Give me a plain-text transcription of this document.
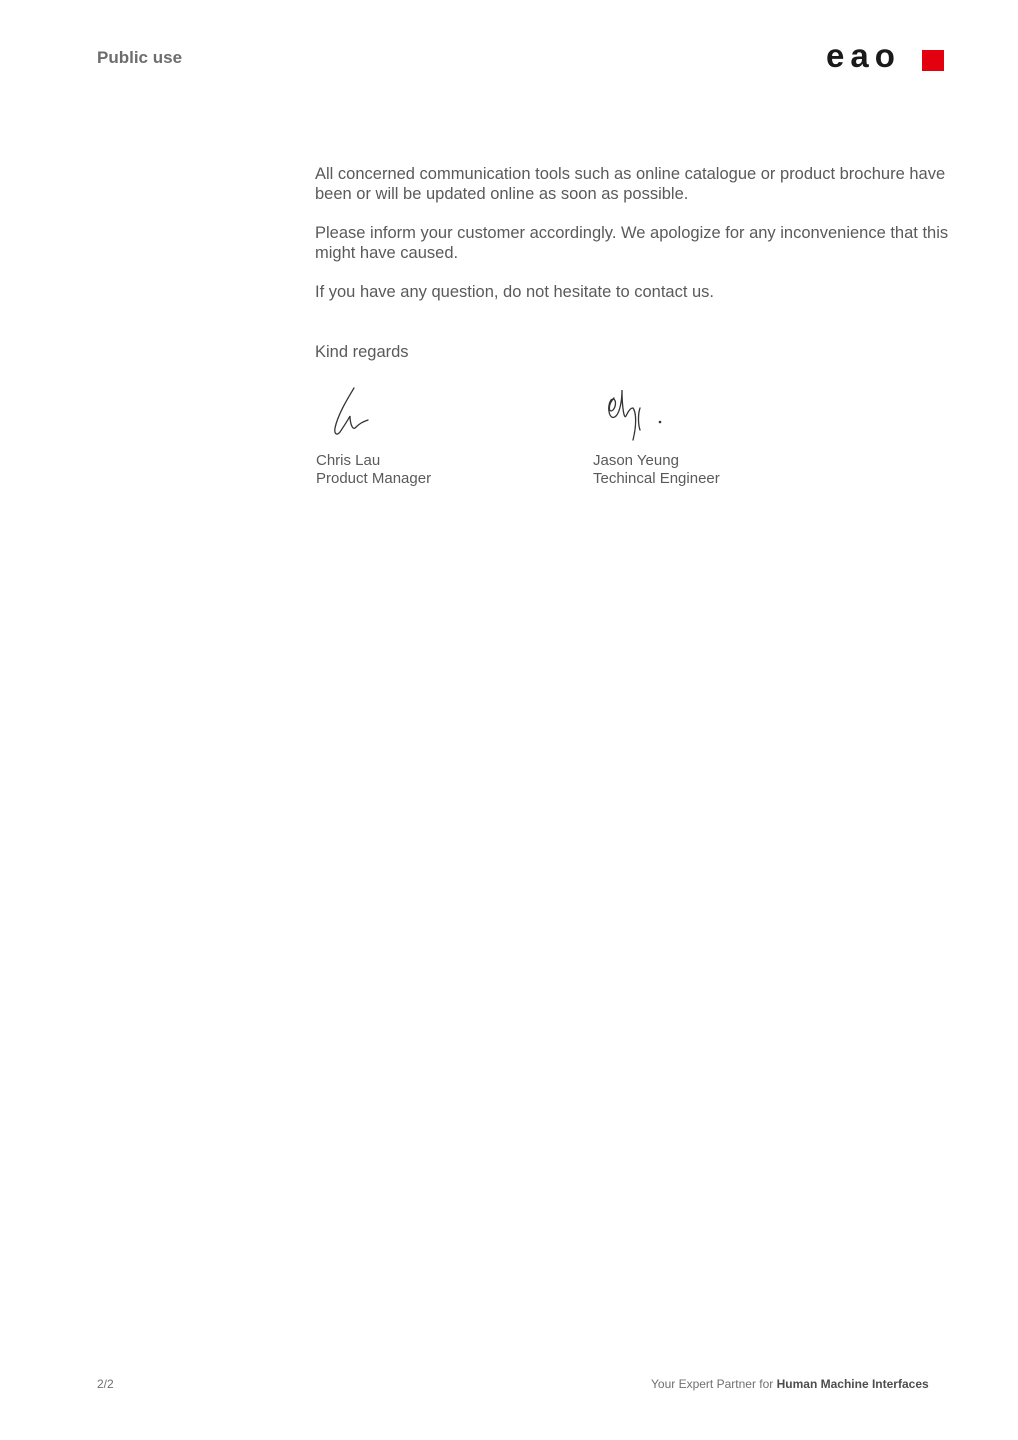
Public use	eao

All concerned communication tools such as online catalogue or product brochure have been or will be updated online as soon as possible.

Please inform your customer accordingly. We apologize for any inconvenience that this might have caused.

If you have any question, do not hesitate to contact us.

Kind regards
Chris Lau
Product Manager
Jason Yeung
Techincal Engineer
2/2	Your Expert Partner for Human Machine Interfaces
